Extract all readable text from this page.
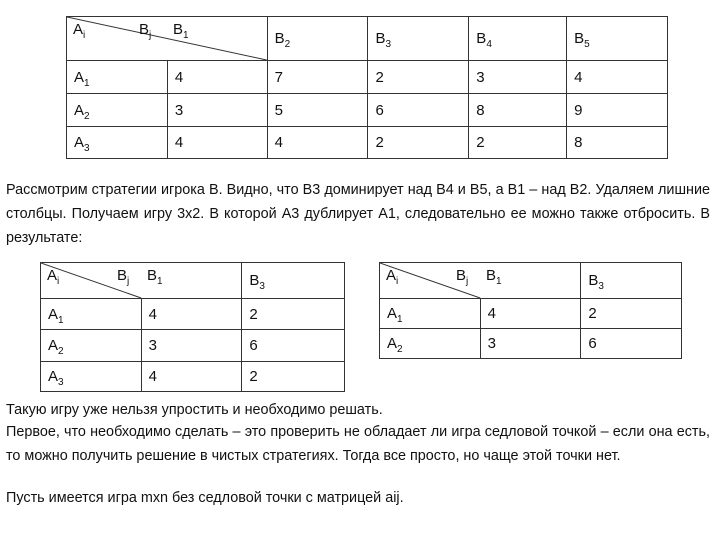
$A_i$ $B_j$ $B_1$		$B_2$	$B_3$	$B_4$	$B_5$
$A_1$	4	7	2	3	4
$A_2$	3	5	6	8	9
$A_3$	4	4	2	2	8

Рассмотрим стратегии игрока B. Видно, что B3 доминирует над B4 и B5, а B1 – над B2. Удаляем лишние столбцы. Получаем игру 3x2. В которой A3 дублирует A1, следовательно ее можно также отбросить. В результате:

$A_i$ $B_j$ $B_1$		$B_3$
$A_1$	4	2
$A_2$	3	6
$A_3$	4	2
$A_i$ $B_j$ $B_1$		$B_3$
$A_1$	4	2
$A_2$	3	6

Такую игру уже нельзя упростить и необходимо решать.

Первое, что необходимо сделать – это проверить не обладает ли игра седловой точкой – если она есть, то можно получить решение в чистых стратегиях. Тогда все просто, но чаще этой точки нет.

Пусть имеется игра mxn без седловой точки с матрицей aij.
